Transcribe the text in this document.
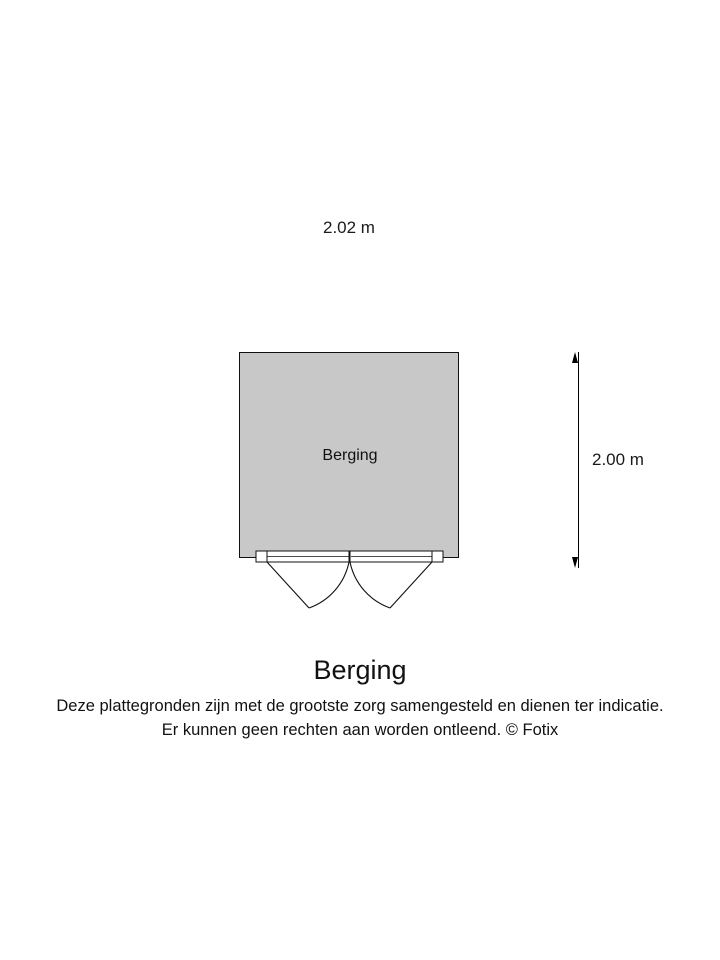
2.02 m
2.00 m
Berging
Berging
Deze plattegronden zijn met de grootste zorg samengesteld en dienen ter indicatie.
Er kunnen geen rechten aan worden ontleend. © Fotix
